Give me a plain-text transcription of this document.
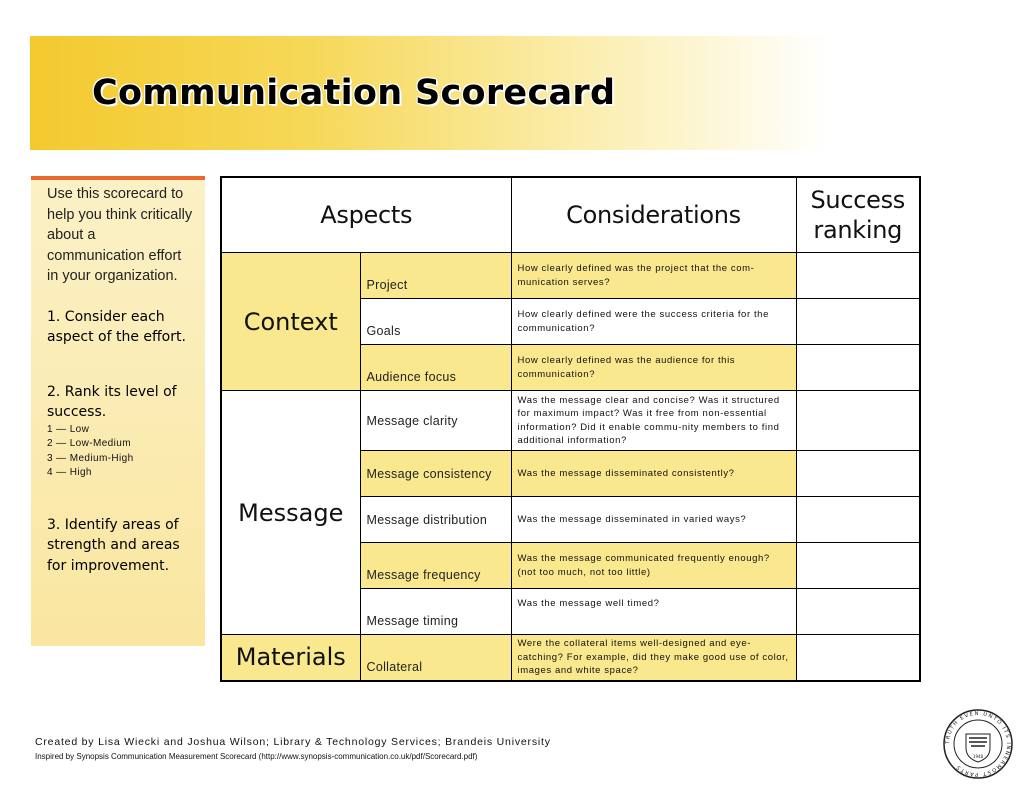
Communication Scorecard
Use this scorecard to help you think critically about a communication effort in your organization.
1. Consider each aspect of the effort.
2. Rank its level of success.
1 — Low
2 — Low-Medium
3 — Medium-High
4 — High
3. Identify areas of strength and areas for improvement.
Aspects		Considerations	Success
ranking

Context	Project	How clearly defined was the project that the com-munication serves?	
	Goals	How clearly defined were the success criteria for the communication?	
	Audience focus	How clearly defined was the audience for this communication?	
Message	Message clarity	Was the message clear and concise? Was it structured for maximum impact? Was it free from non-essential information? Did it enable commu-nity members to find additional information?	
	Message consistency	Was the message disseminated consistently?	
	Message distribution	Was the message disseminated in varied ways?	
	Message frequency	Was the message communicated frequently enough? (not too much, not too little)	
	Message timing	Was the message well timed?	
Materials	Collateral	Were the collateral items well-designed and eye-catching? For example, did they make good use of color, images and white space?	
Created by Lisa Wiecki and Joshua Wilson; Library & Technology Services; Brandeis University
Inspired by Synopsis Communication Measurement Scorecard (http://www.synopsis-communication.co.uk/pdf/Scorecard.pdf)
TRUTH EVEN UNTO ITS INNERMOST PARTS
1948
